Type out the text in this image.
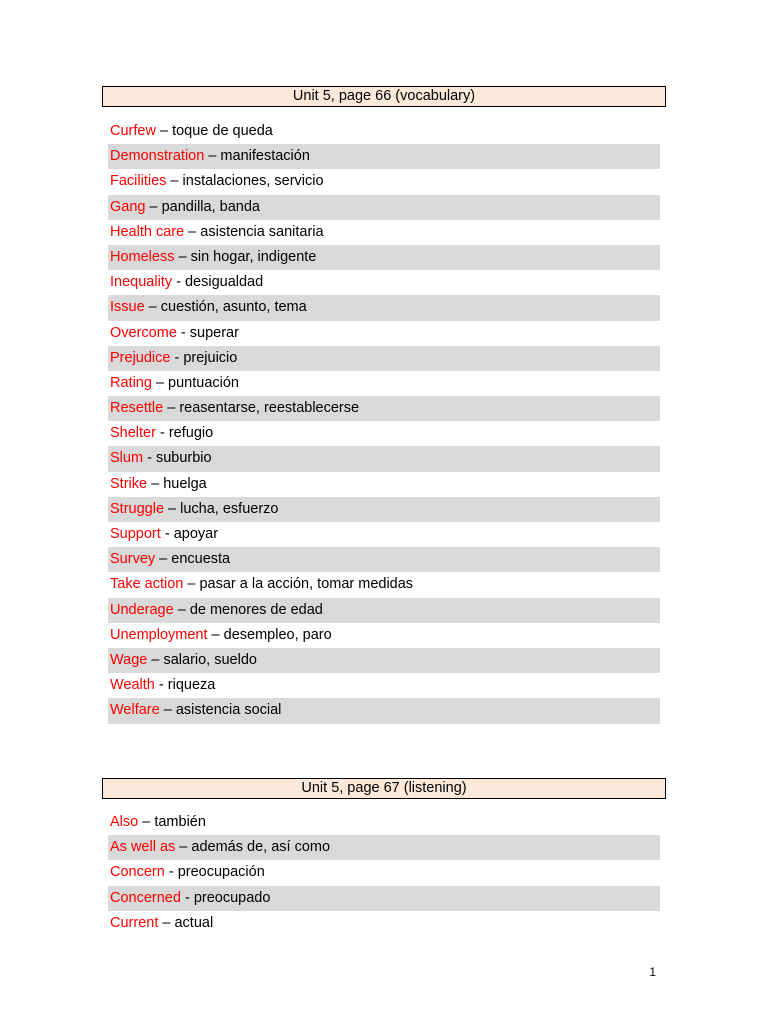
Unit 5, page 66 (vocabulary)
Curfew – toque de queda
Demonstration – manifestación
Facilities – instalaciones, servicio
Gang – pandilla, banda
Health care – asistencia sanitaria
Homeless – sin hogar, indigente
Inequality - desigualdad
Issue – cuestión, asunto, tema
Overcome - superar
Prejudice - prejuicio
Rating – puntuación
Resettle – reasentarse, reestablecerse
Shelter - refugio
Slum - suburbio
Strike – huelga
Struggle – lucha, esfuerzo
Support - apoyar
Survey – encuesta
Take action – pasar a la acción, tomar medidas
Underage – de menores de edad
Unemployment – desempleo, paro
Wage – salario, sueldo
Wealth - riqueza
Welfare – asistencia social
Unit 5, page 67 (listening)
Also – también
As well as – además de, así como
Concern - preocupación
Concerned - preocupado
Current – actual
1
